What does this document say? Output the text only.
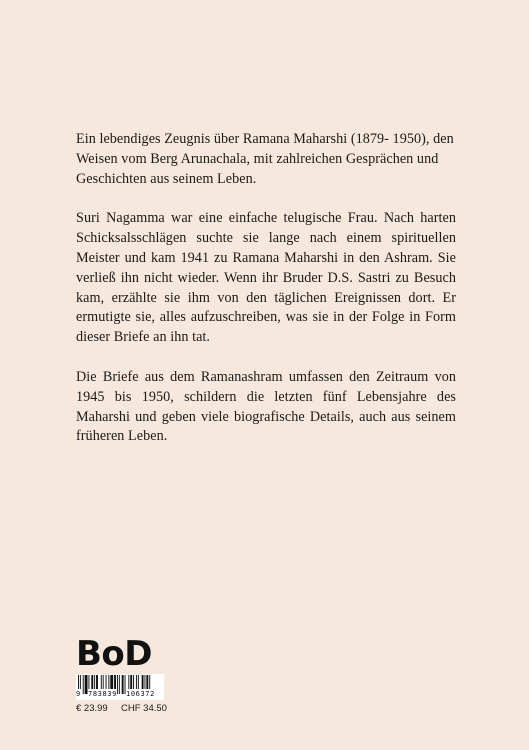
Ein lebendiges Zeugnis über Ramana Maharshi (1879- 1950), den Weisen vom Berg Arunachala, mit zahlreichen Gesprächen und Geschichten aus seinem Leben.

Suri Nagamma war eine einfache telugische Frau. Nach harten Schicksalsschlägen suchte sie lange nach einem spirituellen Meister und kam 1941 zu Ramana Maharshi in den Ashram. Sie verließ ihn nicht wieder. Wenn ihr Bruder D.S. Sastri zu Besuch kam, erzählte sie ihm von den täglichen Ereignissen dort. Er ermutigte sie, alles aufzuschreiben, was sie in der Folge in Form dieser Briefe an ihn tat.

Die Briefe aus dem Ramanashram umfassen den Zeitraum von 1945 bis 1950, schildern die letzten fünf Lebensjahre des Maharshi und geben viele biografische Details, auch aus seinem früheren Leben.

BoD
9 783839 106372
€ 23.99 CHF 34.50
